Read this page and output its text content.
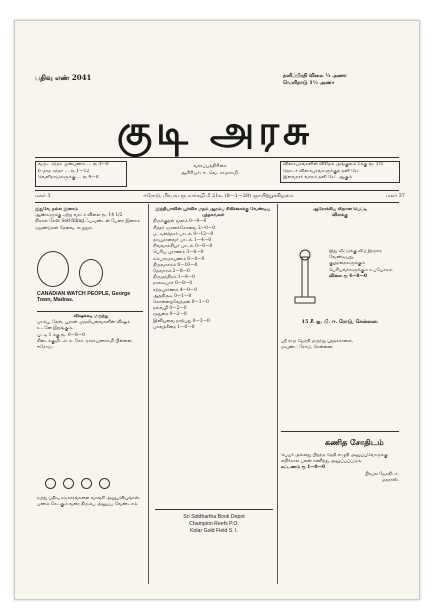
பதிவு எண் 2041	தனிப்பிரதி விலை ¼ அணா
வெளிநாடு 1½ அணா
குடி அரசு
வருட சந்தா முன்பணம் ... ரூ 3—0
6 மாத சந்தா ... ரூ 1—12
வெளிநாடுகளுக்கு ... ரூ 4—0
வாரப்பத்திரிகை
ஆசிரியர்: ஈ. வெ. ராமசாமி.
விளம்பரங்களின் விகிதம் அங்குலம் 1க்கு ரூ. 1½
தொடர் விளம்பரங்களுக்குத் தனி ரேட்
இளவரசர் வாரம் தனி ரேட் ஆகும்
மலர் 3	ஈரோடு, பிரபவ ஞ மார்கழி மீ 21உ (8—1—28) ஞாயிற்றுக்கிழமை	மலர் 37

இதுவே நல்ல இனாம்

ஆண்களுக்கு ஏற்ற வாட்ச் விலை ரூ. 14 1/2

நிக்கல் கேஸ் Self-filling ஃபவுண்டன் பேனா இனாம்

ஏஜண்டுகள் தேவை. எழுதுக.

CANADIAN WATCH PEOPLE, George Town, Madras.

விஷக்கடி மருந்து

பாம்பு, தேள், பூரான் முதலியவைகளின் விஷம் உடனே இறங்கும்.

புட்டி 1 க்கு ரூ. 0—8—0

கிடைக்குமிடம்: க. கோ. நாராயணசாமி பிள்ளை,

ஈரோடு.

நமது பதிவு கடிகாரங்களை வாங்கி அனுபவியுங்கள்.

பணம் கேட்கும் வரை திரும்ப அனுப்ப வேண்டாம்.

இந்தியாவின் பூர்விக மதம் ஆரம்ப சிகிச்சைக்கு வேண்டிய புத்தகங்கள்

திருக்குறள் மூலம் 0—8—0

சித்தர் ஞானக்கோவை 2—0—0

பட்டினத்தார் பாடல் 0—12—0

தாயுமானவர் பாடல் 1—4—0

சிவவாக்கியர் பாடல் 0—6—0

பெரிய புராணம் 3—0—0

கம்பராமாயணம் 6—0—0

திருவாசகம் 0—10—0

தேவாரம் 2—8—0

திருமந்திரம் 1—8—0

நாலடியார் 0—8—0

கந்தபுராணம் 4—0—0

ஆத்திசூடி 0—1—0

கொன்றைவேந்தன் 0—1—0

நல்வழி 0—2—0

மூதுரை 0—2—0

இனியவை நாற்பது 0—3—0

பகவத்கீதை 1—0—0

Sri Siddhartha Book Depot
Champion Reefs P.O.
Kolar Gold Field S. I.

ஆரோக்கிய ஸ்நான பெட்டி

விளக்கு

இது வீட்டுக்கு வீடு இருக்க வேண்டியது.

குழந்தைகளுக்கும் பெரியவர்களுக்கும் உபயோகம்.

விலை ரூ 4—8—0

15 சீ. ஐ. பி. ஈ. ரோடு, சென்னை.

ஸ்ரீ ராம ஜோதி மருந்து புத்தகசாலை,

மவுண்ட் ரோடு, சென்னை.

கணித சோதிடம்

பெயர் அல்லது பிறந்த தேதி எழுதி அனுப்புவோருக்கு

எதிர்கால பலன் கணித்து அனுப்பப்படும்.

கட்டணம் ரூ 1—0—0

பிரபல ஜோதிடர்,

மதராஸ்.
